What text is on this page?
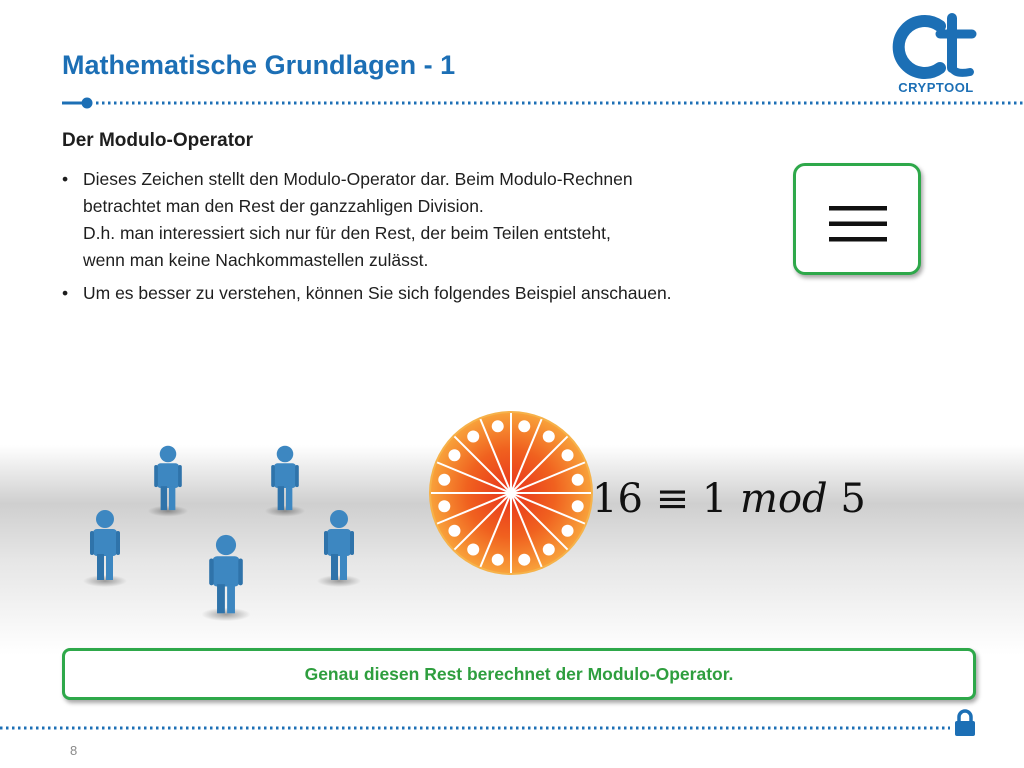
Mathematische Grundlagen - 1
CRYPTOOL
Der Modulo-Operator
• Dieses Zeichen stellt den Modulo-Operator dar. Beim Modulo-Rechnen
betrachtet man den Rest der ganzzahligen Division.
D.h. man interessiert sich nur für den Rest, der beim Teilen entsteht,
wenn man keine Nachkommastellen zulässt.
• Um es besser zu verstehen, können Sie sich folgendes Beispiel anschauen.
16 ≡ 1 mod 5
Genau diesen Rest berechnet der Modulo-Operator.
8
